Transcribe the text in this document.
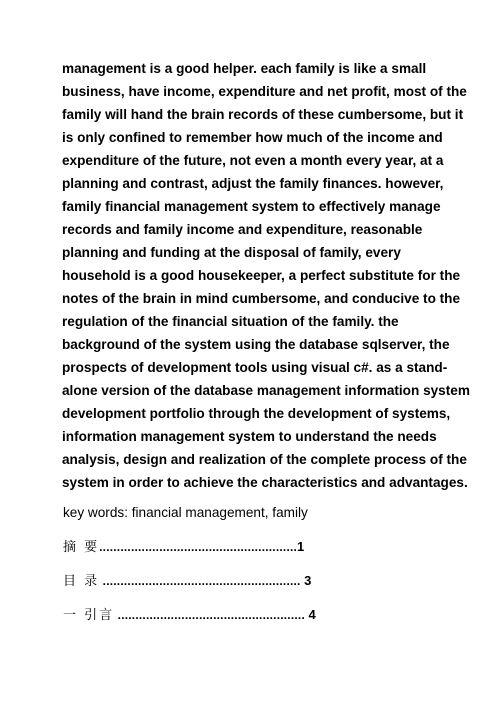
management is a good helper. each family is like a small
business, have income, expenditure and net profit, most of the
family will hand the brain records of these cumbersome, but it
is only confined to remember how much of the income and
expenditure of the future, not even a month every year, at a
planning and contrast, adjust the family finances. however,
family financial management system to effectively manage
records and family income and expenditure, reasonable
planning and funding at the disposal of family, every
household is a good housekeeper, a perfect substitute for the
notes of the brain in mind cumbersome, and conducive to the
regulation of the financial situation of the family. the
background of the system using the database sqlserver, the
prospects of development tools using visual c#. as a stand-
alone version of the database management information system
development portfolio through the development of systems,
information management system to understand the needs
analysis, design and realization of the complete process of the
system in order to achieve the characteristics and advantages.

key words: financial management, family

摘 要........................................................1
目 录 ........................................................ 3
一 引言 ..................................................... 4
